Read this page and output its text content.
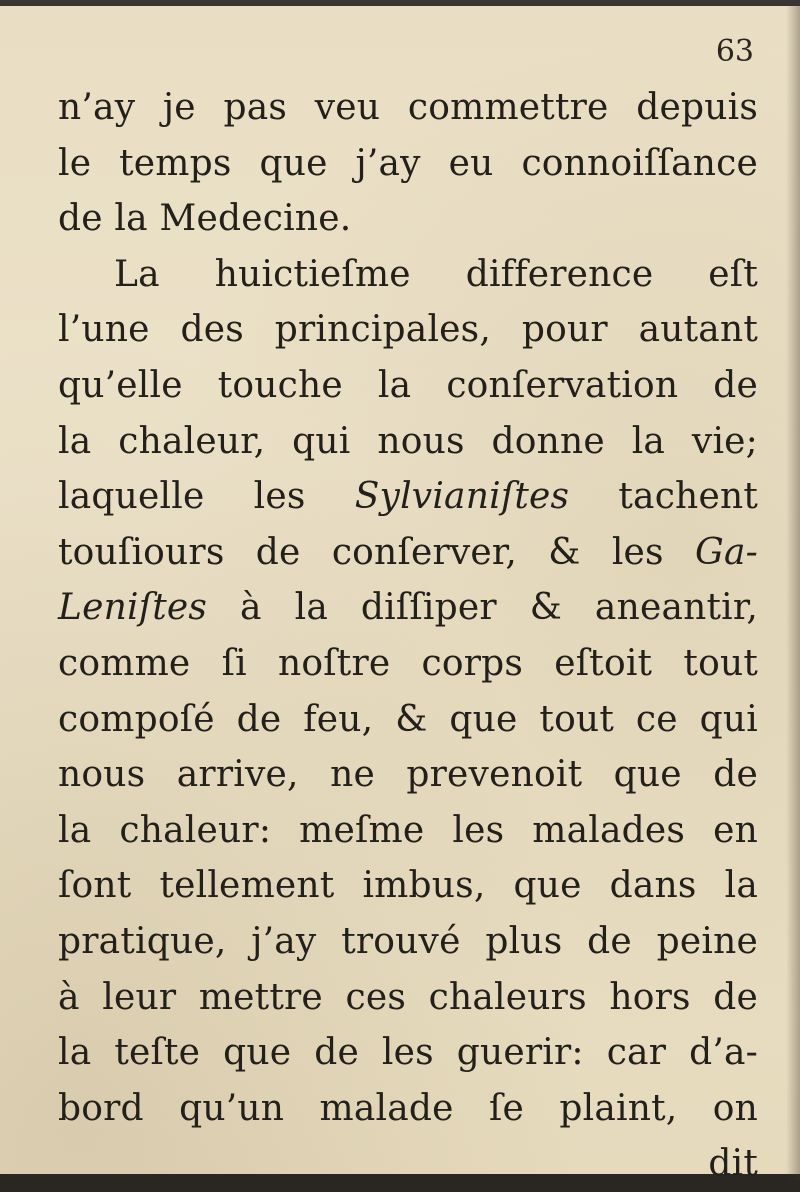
63
n’ay je pas veu commettre depuis
le temps que j’ay eu connoiſſance
de la Medecine.
La huictieſme difference eſt
l’une des principales, pour autant
qu’elle touche la conſervation de
la chaleur, qui nous donne la vie;
laquelle les Sylvianiſtes tachent
touſiours de conſerver, & les Ga-
Leniſtes à la diſſiper & aneantir,
comme ſi noſtre corps eſtoit tout
compoſé de feu, & que tout ce qui
nous arrive, ne prevenoit que de
la chaleur: meſme les malades en
ſont tellement imbus, que dans la
pratique, j’ay trouvé plus de peine
à leur mettre ces chaleurs hors de
la teſte que de les guerir: car d’a-
bord qu’un malade ſe plaint, on
dit
